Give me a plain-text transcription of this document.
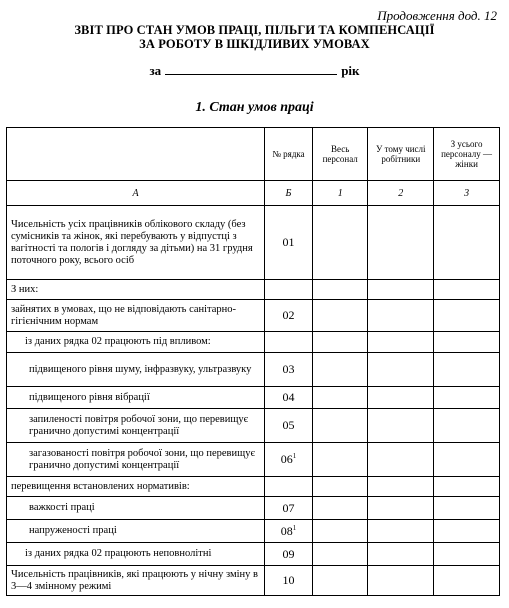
Продовження дод. 12
ЗВІТ ПРО СТАН УМОВ ПРАЦІ, ПІЛЬГИ ТА КОМПЕНСАЦІЇ
ЗА РОБОТУ В ШКІДЛИВИХ УМОВАХ
за	рік
1. Стан умов праці
	№ рядка	Весь персонал	У тому числі робітники	З усього персоналу — жінки
А	Б	1	2	3
Чисельність усіх працівників облікового складу (без сумісників та жінок, які перебувають у відпустці з вагітності та пологів і догляду за дітьми) на 31 грудня поточного року, всього осіб	01			
З них:				
зайнятих в умовах, що не відповідають санітарно-гігієнічним нормам	02			
із даних рядка 02 працюють під впливом:				
підвищеного рівня шуму, інфразвуку, ультразвуку	03			
підвищеного рівня вібрації	04			
запиленості повітря робочої зони, що перевищує гранично допустимі концентрації	05			
загазованості повітря робочої зони, що перевищує гранично допустимі концентрації	$06^1$			
перевищення встановлених нормативів:				
важкості праці	07			
напруженості праці	$08^1$			
із даних рядка 02 працюють неповнолітні	09			
Чисельність працівників, які працюють у нічну зміну в 3—4 змінному режимі	10			
